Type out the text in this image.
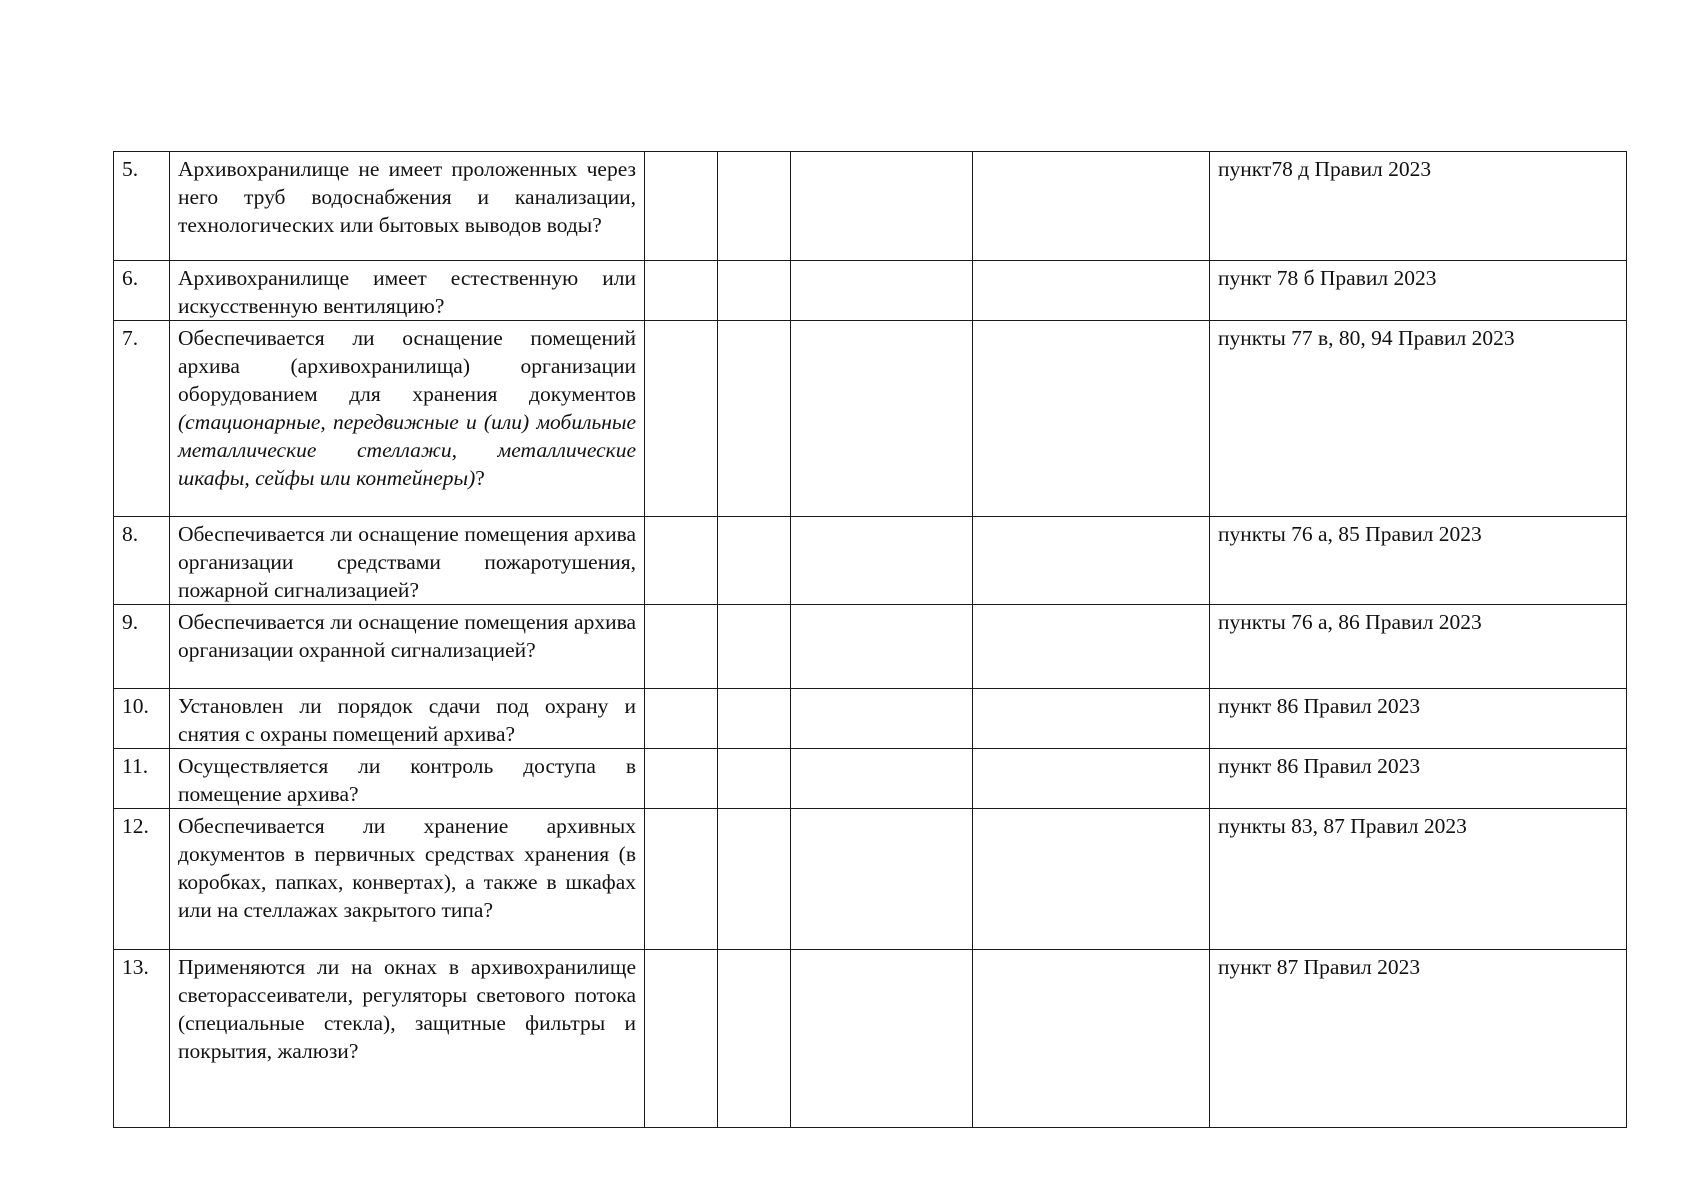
5.	Архивохранилище не имеет проложенных через него труб водоснабжения и канализации, технологических или бытовых выводов воды?					пункт78 д Правил 2023
6.	Архивохранилище имеет естественную или искусственную вентиляцию?					пункт 78 б Правил 2023
7.	Обеспечивается ли оснащение помещений архива (архивохранилища) организации оборудованием для хранения документов (стационарные, передвижные и (или) мобильные металлические стеллажи, металлические шкафы, сейфы или контейнеры)?					пункты 77 в, 80, 94 Правил 2023
8.	Обеспечивается ли оснащение помещения архива организации средствами пожаротушения, пожарной сигнализацией?					пункты 76 а, 85 Правил 2023
9.	Обеспечивается ли оснащение помещения архива организации охранной сигнализацией?					пункты 76 а, 86 Правил 2023
10.	Установлен ли порядок сдачи под охрану и снятия с охраны помещений архива?					пункт 86 Правил 2023
11.	Осуществляется ли контроль доступа в помещение архива?					пункт 86 Правил 2023
12.	Обеспечивается ли хранение архивных документов в первичных средствах хранения (в коробках, папках, конвертах), а также в шкафах или на стеллажах закрытого типа?					пункты 83, 87 Правил 2023
13.	Применяются ли на окнах в архивохранилище светорассеиватели, регуляторы светового потока (специальные стекла), защитные фильтры и покрытия, жалюзи?					пункт 87 Правил 2023
